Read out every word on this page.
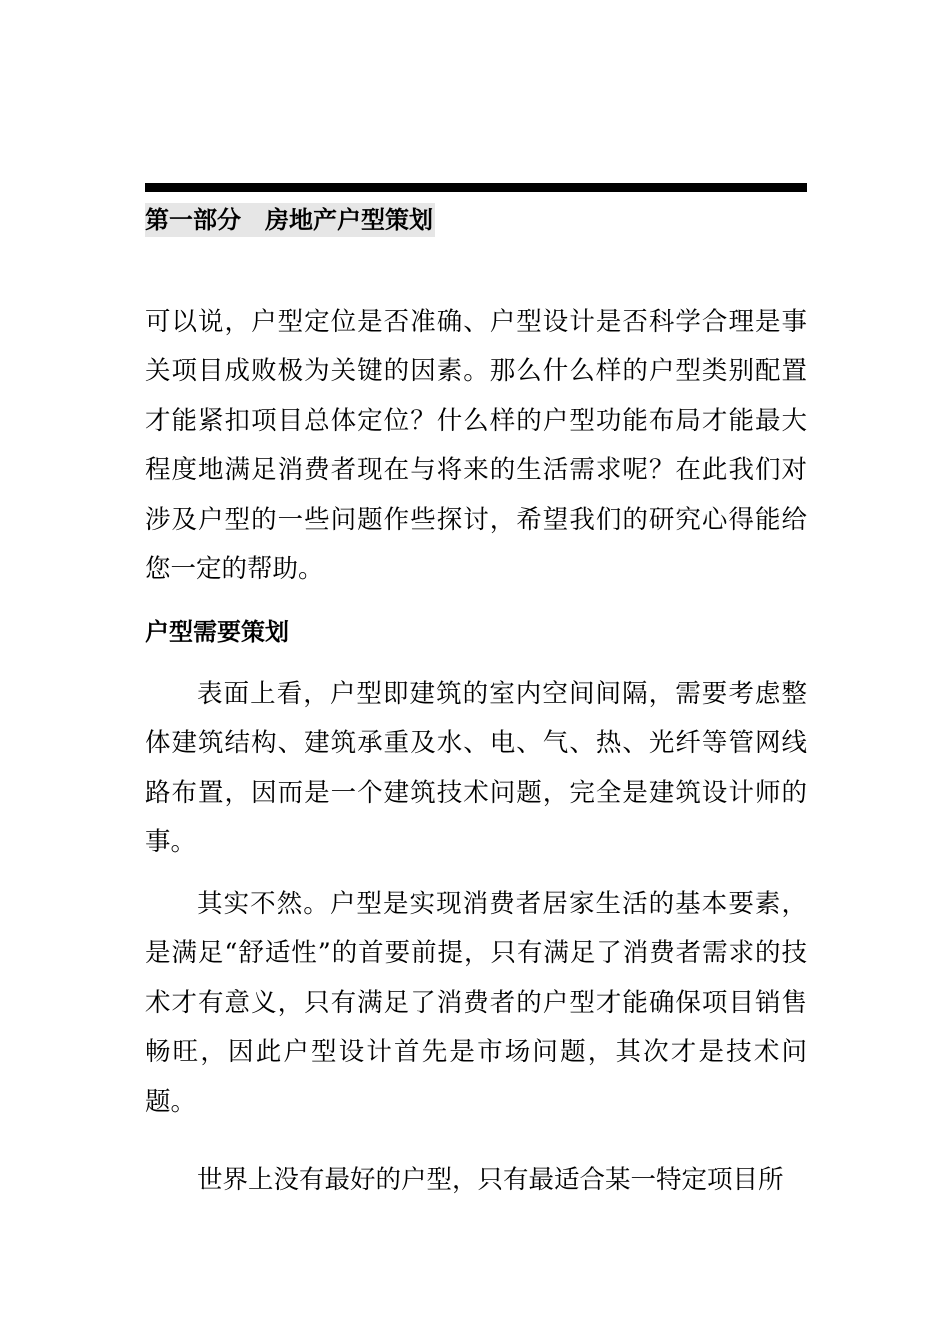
第一部分　房地产户型策划

可以说，户型定位是否准确、户型设计是否科学合理是事关项目成败极为关键的因素。那么什么样的户型类别配置才能紧扣项目总体定位？什么样的户型功能布局才能最大程度地满足消费者现在与将来的生活需求呢？在此我们对涉及户型的一些问题作些探讨，希望我们的研究心得能给您一定的帮助。

户型需要策划

表面上看，户型即建筑的室内空间间隔，需要考虑整体建筑结构、建筑承重及水、电、气、热、光纤等管网线路布置，因而是一个建筑技术问题，完全是建筑设计师的事。

其实不然。户型是实现消费者居家生活的基本要素，是满足“舒适性”的首要前提，只有满足了消费者需求的技术才有意义，只有满足了消费者的户型才能确保项目销售畅旺，因此户型设计首先是市场问题，其次才是技术问题。

世界上没有最好的户型，只有最适合某一特定项目所
